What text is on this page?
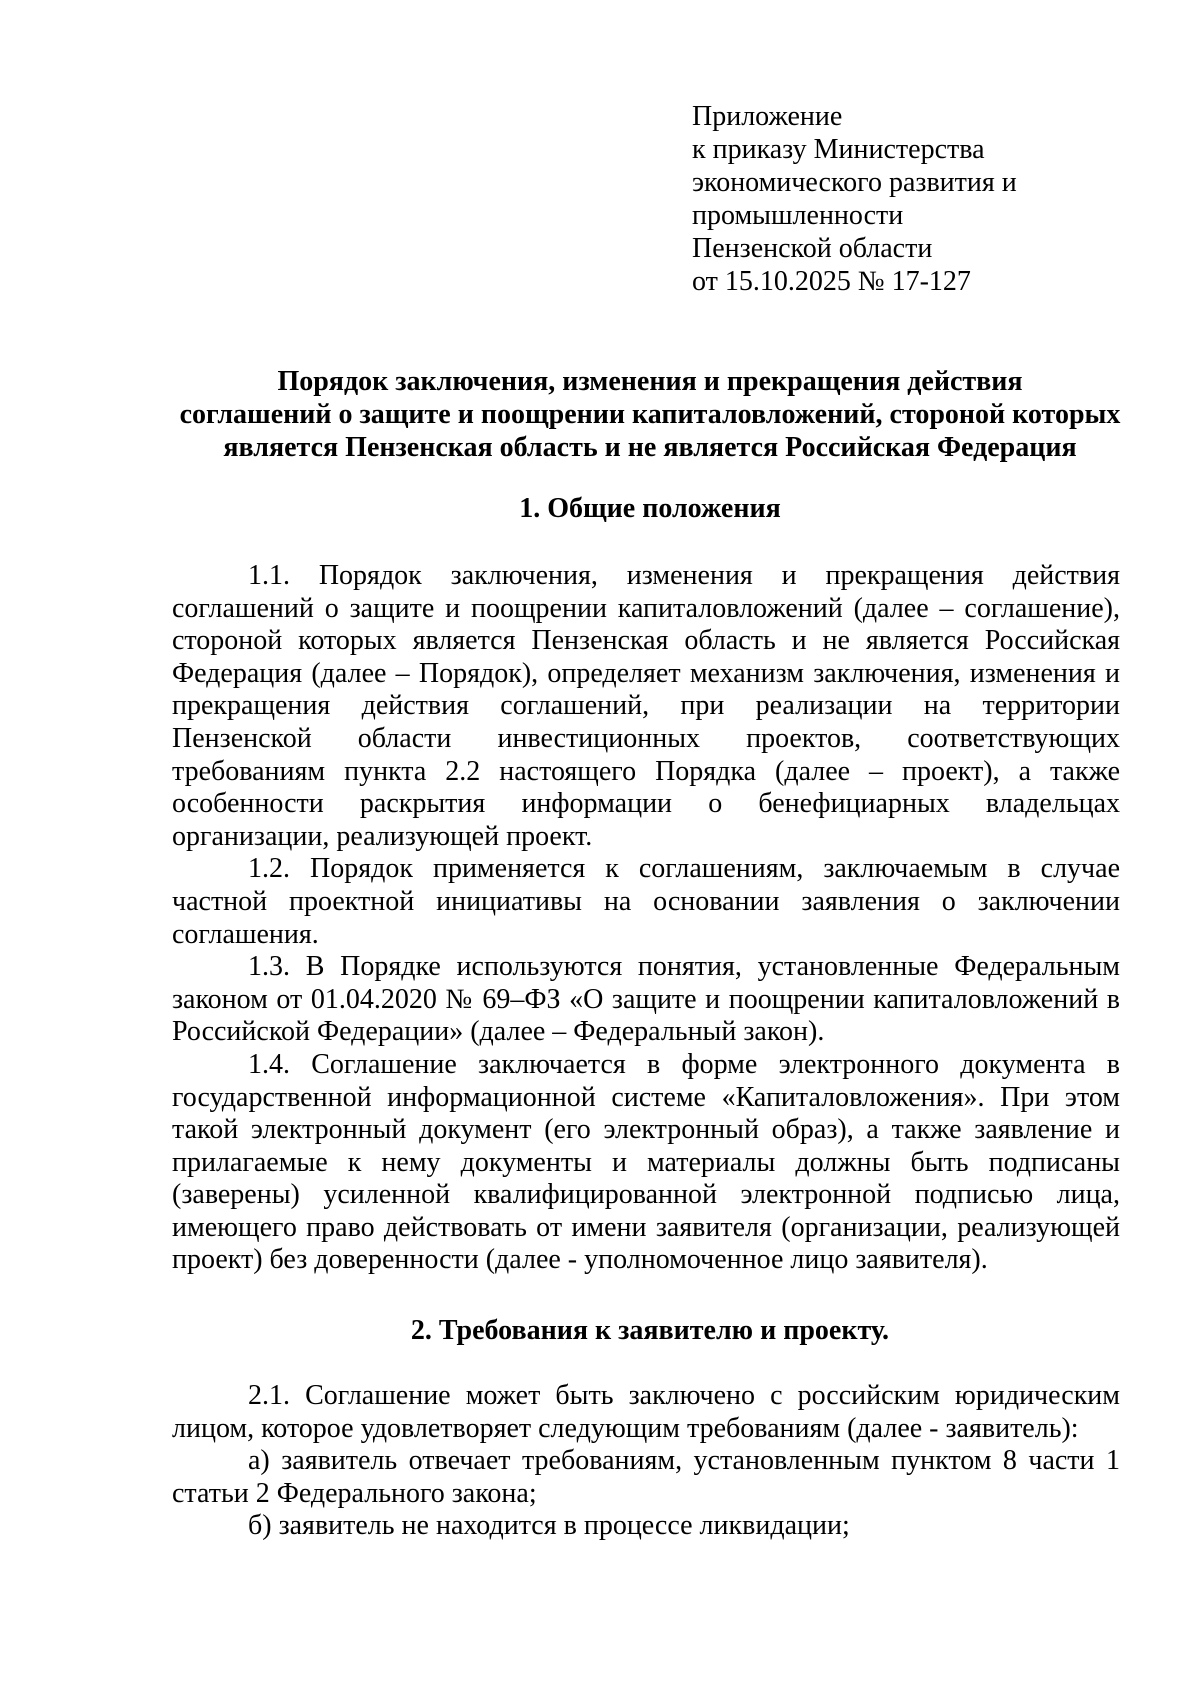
Приложение
к приказу Министерства
экономического развития и
промышленности
Пензенской области
от 15.10.2025 № 17-127
Порядок заключения, изменения и прекращения действия
соглашений о защите и поощрении капиталовложений, стороной которых
является Пензенская область и не является Российская Федерация
1. Общие положения

1.1. Порядок заключения, изменения и прекращения действия соглашений о защите и поощрении капиталовложений (далее – соглашение), стороной которых является Пензенская область и не является Российская Федерация (далее – Порядок), определяет механизм заключения, изменения и прекращения действия соглашений, при реализации на территории Пензенской области инвестиционных проектов, соответствующих требованиям пункта 2.2 настоящего Порядка (далее – проект), а также особенности раскрытия информации о бенефициарных владельцах организации, реализующей проект.

1.2. Порядок применяется к соглашениям, заключаемым в случае частной проектной инициативы на основании заявления о заключении соглашения.

1.3. В Порядке используются понятия, установленные Федеральным законом от 01.04.2020 № 69–ФЗ «О защите и поощрении капиталовложений в Российской Федерации» (далее – Федеральный закон).

1.4. Соглашение заключается в форме электронного документа в государственной информационной системе «Капиталовложения». При этом такой электронный документ (его электронный образ), а также заявление и прилагаемые к нему документы и материалы должны быть подписаны (заверены) усиленной квалифицированной электронной подписью лица, имеющего право действовать от имени заявителя (организации, реализующей проект) без доверенности (далее - уполномоченное лицо заявителя).

2. Требования к заявителю и проекту.

2.1. Соглашение может быть заключено с российским юридическим лицом, которое удовлетворяет следующим требованиям (далее - заявитель):

а) заявитель отвечает требованиям, установленным пунктом 8 части 1 статьи 2 Федерального закона;

б) заявитель не находится в процессе ликвидации;
